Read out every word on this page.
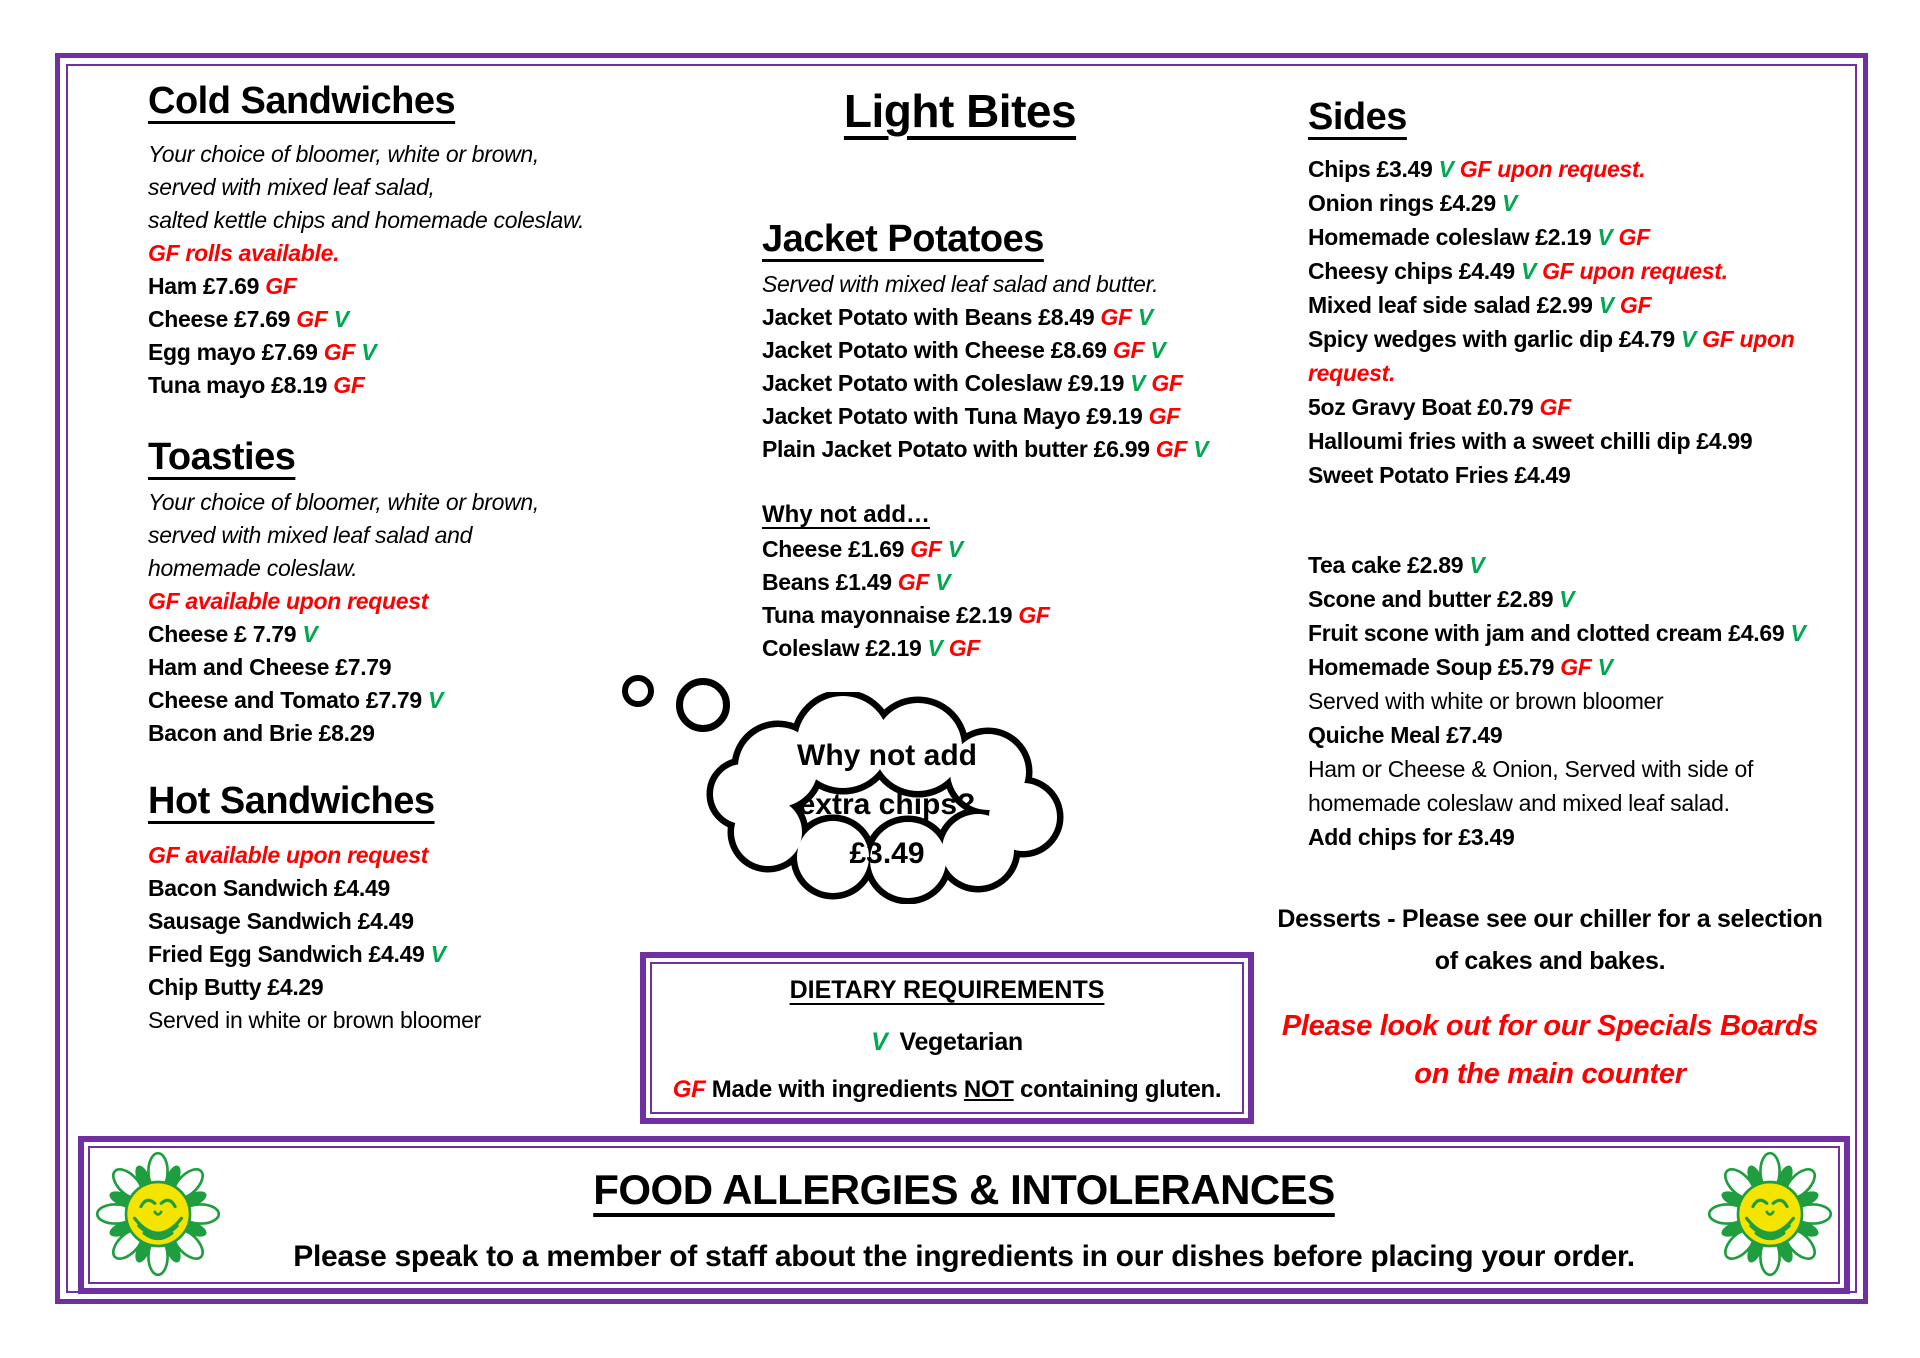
Cold Sandwiches
Your choice of bloomer, white or brown,
served with mixed leaf salad,
salted kettle chips and homemade coleslaw.
GF rolls available.
Ham £7.69 GF
Cheese £7.69 GF V
Egg mayo £7.69 GF V
Tuna mayo £8.19 GF
Toasties
Your choice of bloomer, white or brown,
served with mixed leaf salad and
homemade coleslaw.
GF available upon request
Cheese £ 7.79 V
Ham and Cheese £7.79
Cheese and Tomato £7.79 V
Bacon and Brie £8.29
Hot Sandwiches
GF available upon request
Bacon Sandwich £4.49
Sausage Sandwich £4.49
Fried Egg Sandwich £4.49 V
Chip Butty £4.29
Served in white or brown bloomer
Light Bites
Jacket Potatoes
Served with mixed leaf salad and butter.
Jacket Potato with Beans £8.49 GF V
Jacket Potato with Cheese £8.69 GF V
Jacket Potato with Coleslaw £9.19 V GF
Jacket Potato with Tuna Mayo £9.19 GF
Plain Jacket Potato with butter £6.99 GF V
Why not add…
Cheese £1.69 GF V
Beans £1.49 GF V
Tuna mayonnaise £2.19 GF
Coleslaw £2.19 V GF
Why not add
extra chips?
£3.49
Sides
Chips £3.49 V GF upon request.
Onion rings £4.29 V
Homemade coleslaw £2.19 V GF
Cheesy chips £4.49 V GF upon request.
Mixed leaf side salad £2.99 V GF
Spicy wedges with garlic dip £4.79 V GF upon
request.
5oz Gravy Boat £0.79 GF
Halloumi fries with a sweet chilli dip £4.99
Sweet Potato Fries £4.49
Tea cake £2.89 V
Scone and butter £2.89 V
Fruit scone with jam and clotted cream £4.69 V
Homemade Soup £5.79 GF V
Served with white or brown bloomer
Quiche Meal £7.49
Ham or Cheese & Onion, Served with side of
homemade coleslaw and mixed leaf salad.
Add chips for £3.49
Desserts - Please see our chiller for a selection
of cakes and bakes.
Please look out for our Specials Boards
on the main counter
DIETARY REQUIREMENTS
V Vegetarian
GF Made with ingredients NOT containing gluten.
FOOD ALLERGIES & INTOLERANCES
Please speak to a member of staff about the ingredients in our dishes before placing your order.
